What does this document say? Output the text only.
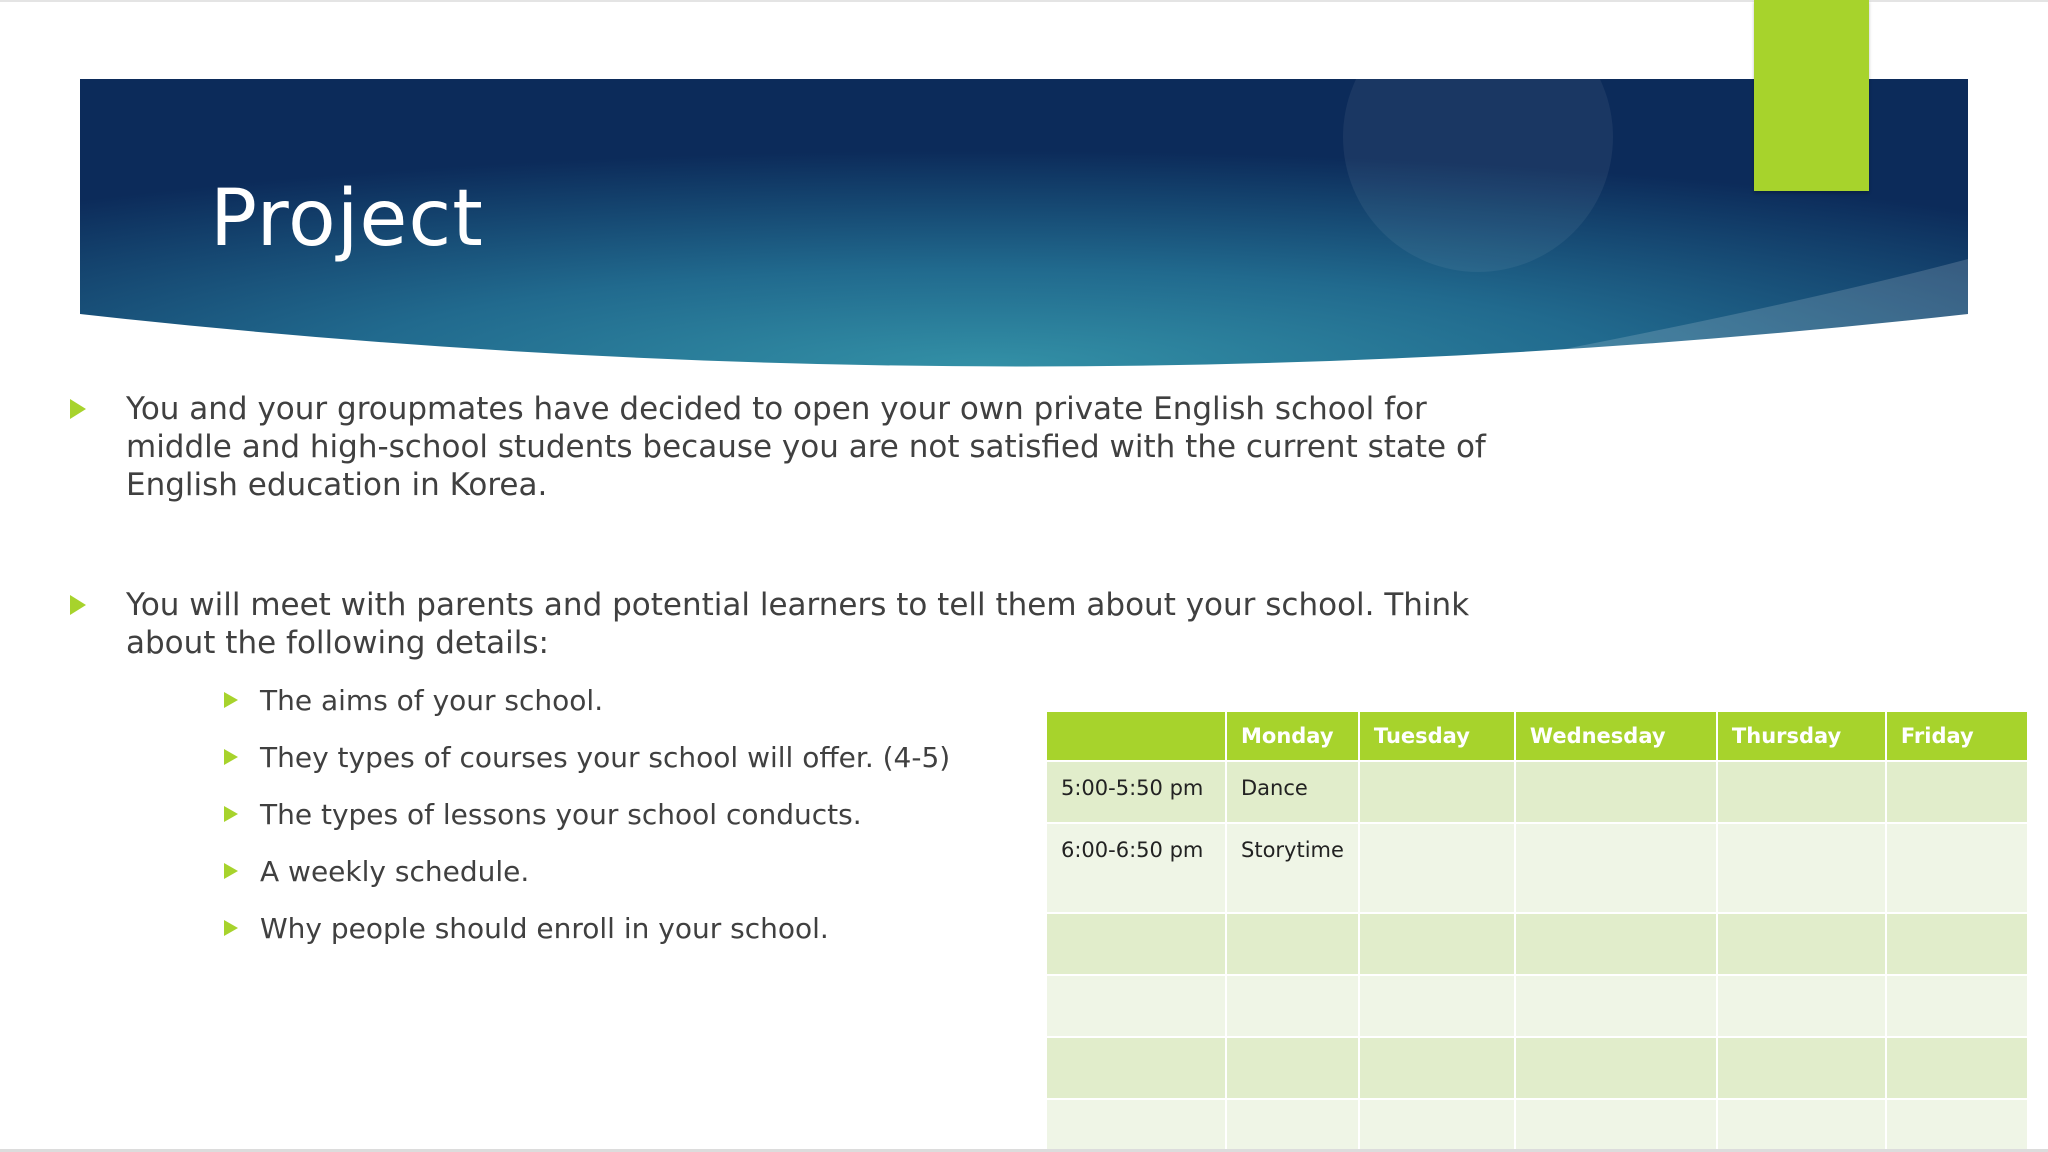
Project
You and your groupmates have decided to open your own private English school for middle and high-school students because you are not satisfied with the current state of English education in Korea.
You will meet with parents and potential learners to tell them about your school. Think about the following details:
The aims of your school.
They types of courses your school will offer. (4-5)
The types of lessons your school conducts.
A weekly schedule.
Why people should enroll in your school.
	Monday	Tuesday	Wednesday	Thursday	Friday
5:00-5:50 pm	Dance				
6:00-6:50 pm	Storytime				
